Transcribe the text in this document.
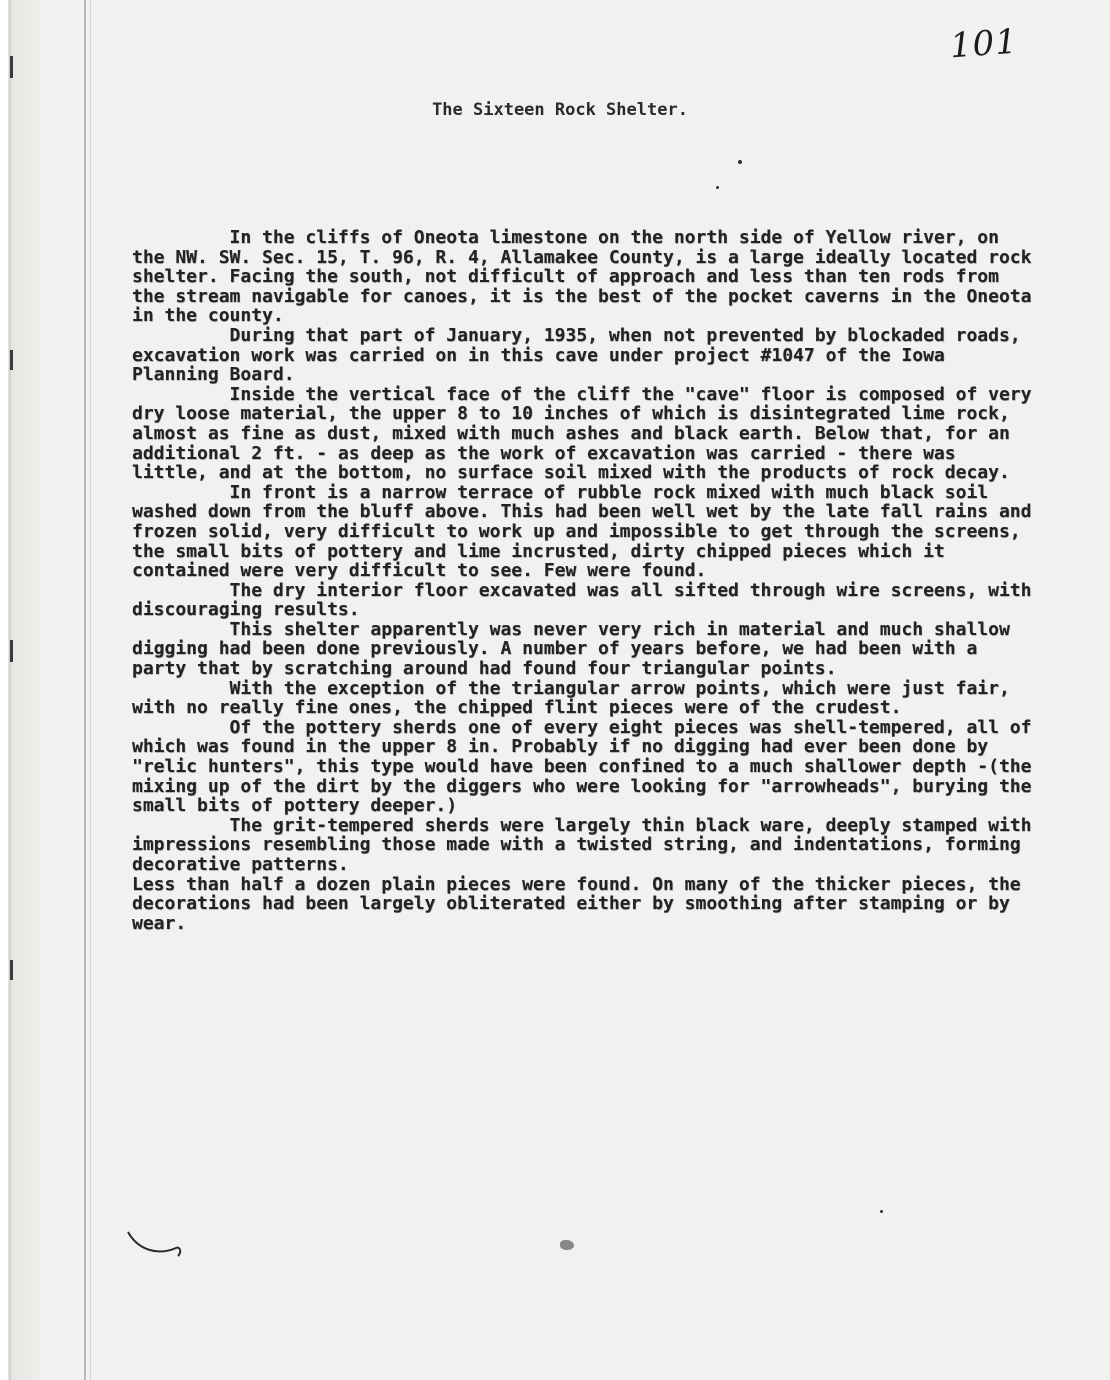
101
The Sixteen Rock Shelter.

In the cliffs of Oneota limestone on the north side of Yellow river, on the NW. SW. Sec. 15, T. 96, R. 4, Allamakee County, is a large ideally located rock shelter. Facing the south, not difficult of approach and less than ten rods from the stream navigable for canoes, it is the best of the pocket caverns in the Oneota in the county.

During that part of January, 1935, when not prevented by blockaded roads, excavation work was carried on in this cave under project #1047 of the Iowa Planning Board.

Inside the vertical face of the cliff the "cave" floor is composed of very dry loose material, the upper 8 to 10 inches of which is disintegrated lime rock, almost as fine as dust, mixed with much ashes and black earth. Below that, for an additional 2 ft. - as deep as the work of excavation was carried - there was little, and at the bottom, no surface soil mixed with the products of rock decay.

In front is a narrow terrace of rubble rock mixed with much black soil washed down from the bluff above. This had been well wet by the late fall rains and frozen solid, very difficult to work up and impossible to get through the screens, the small bits of pottery and lime incrusted, dirty chipped pieces which it contained were very difficult to see. Few were found.

The dry interior floor excavated was all sifted through wire screens, with discouraging results.

This shelter apparently was never very rich in material and much shallow digging had been done previously. A number of years before, we had been with a party that by scratching around had found four triangular points.

With the exception of the triangular arrow points, which were just fair, with no really fine ones, the chipped flint pieces were of the crudest.

Of the pottery sherds one of every eight pieces was shell-tempered, all of which was found in the upper 8 in. Probably if no digging had ever been done by "relic hunters", this type would have been confined to a much shallower depth -(the mixing up of the dirt by the diggers who were looking for "arrowheads", burying the small bits of pottery deeper.)

The grit-tempered sherds were largely thin black ware, deeply stamped with impressions resembling those made with a twisted string, and indentations, forming decorative patterns.

Less than half a dozen plain pieces were found. On many of the thicker pieces, the decorations had been largely obliterated either by smoothing after stamping or by wear.
